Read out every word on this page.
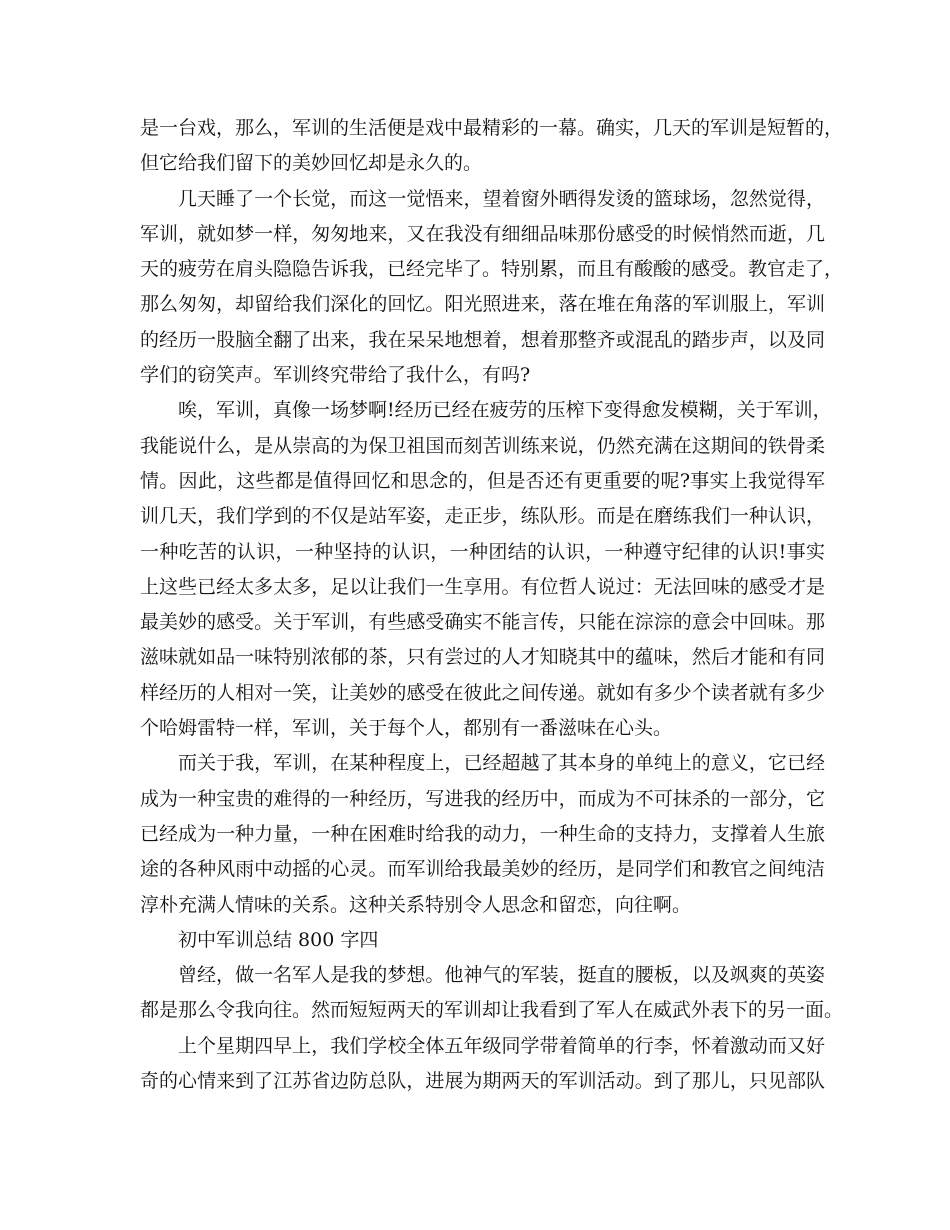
是一台戏，那么，军训的生活便是戏中最精彩的一幕。确实，几天的军训是短暂的，
但它给我们留下的美妙回忆却是永久的。
几天睡了一个长觉，而这一觉悟来，望着窗外晒得发烫的篮球场，忽然觉得，
军训，就如梦一样，匆匆地来，又在我没有细细品味那份感受的时候悄然而逝，几
天的疲劳在肩头隐隐告诉我，已经完毕了。特别累，而且有酸酸的感受。教官走了，
那么匆匆，却留给我们深化的回忆。阳光照进来，落在堆在角落的军训服上，军训
的经历一股脑全翻了出来，我在呆呆地想着，想着那整齐或混乱的踏步声，以及同
学们的窃笑声。军训终究带给了我什么，有吗?
唉，军训，真像一场梦啊!经历已经在疲劳的压榨下变得愈发模糊，关于军训，
我能说什么，是从崇高的为保卫祖国而刻苦训练来说，仍然充满在这期间的铁骨柔
情。因此，这些都是值得回忆和思念的，但是否还有更重要的呢?事实上我觉得军
训几天，我们学到的不仅是站军姿，走正步，练队形。而是在磨练我们一种认识，
一种吃苦的认识，一种坚持的认识，一种团结的认识，一种遵守纪律的认识!事实
上这些已经太多太多，足以让我们一生享用。有位哲人说过：无法回味的感受才是
最美妙的感受。关于军训，有些感受确实不能言传，只能在淙淙的意会中回味。那
滋味就如品一味特别浓郁的茶，只有尝过的人才知晓其中的蕴味，然后才能和有同
样经历的人相对一笑，让美妙的感受在彼此之间传递。就如有多少个读者就有多少
个哈姆雷特一样，军训，关于每个人，都别有一番滋味在心头。
而关于我，军训，在某种程度上，已经超越了其本身的单纯上的意义，它已经
成为一种宝贵的难得的一种经历，写进我的经历中，而成为不可抹杀的一部分，它
已经成为一种力量，一种在困难时给我的动力，一种生命的支持力，支撑着人生旅
途的各种风雨中动摇的心灵。而军训给我最美妙的经历，是同学们和教官之间纯洁
淳朴充满人情味的关系。这种关系特别令人思念和留恋，向往啊。
初中军训总结 800 字四
曾经，做一名军人是我的梦想。他神气的军装，挺直的腰板，以及飒爽的英姿
都是那么令我向往。然而短短两天的军训却让我看到了军人在威武外表下的另一面。
上个星期四早上，我们学校全体五年级同学带着简单的行李，怀着激动而又好
奇的心情来到了江苏省边防总队，进展为期两天的军训活动。到了那儿，只见部队
